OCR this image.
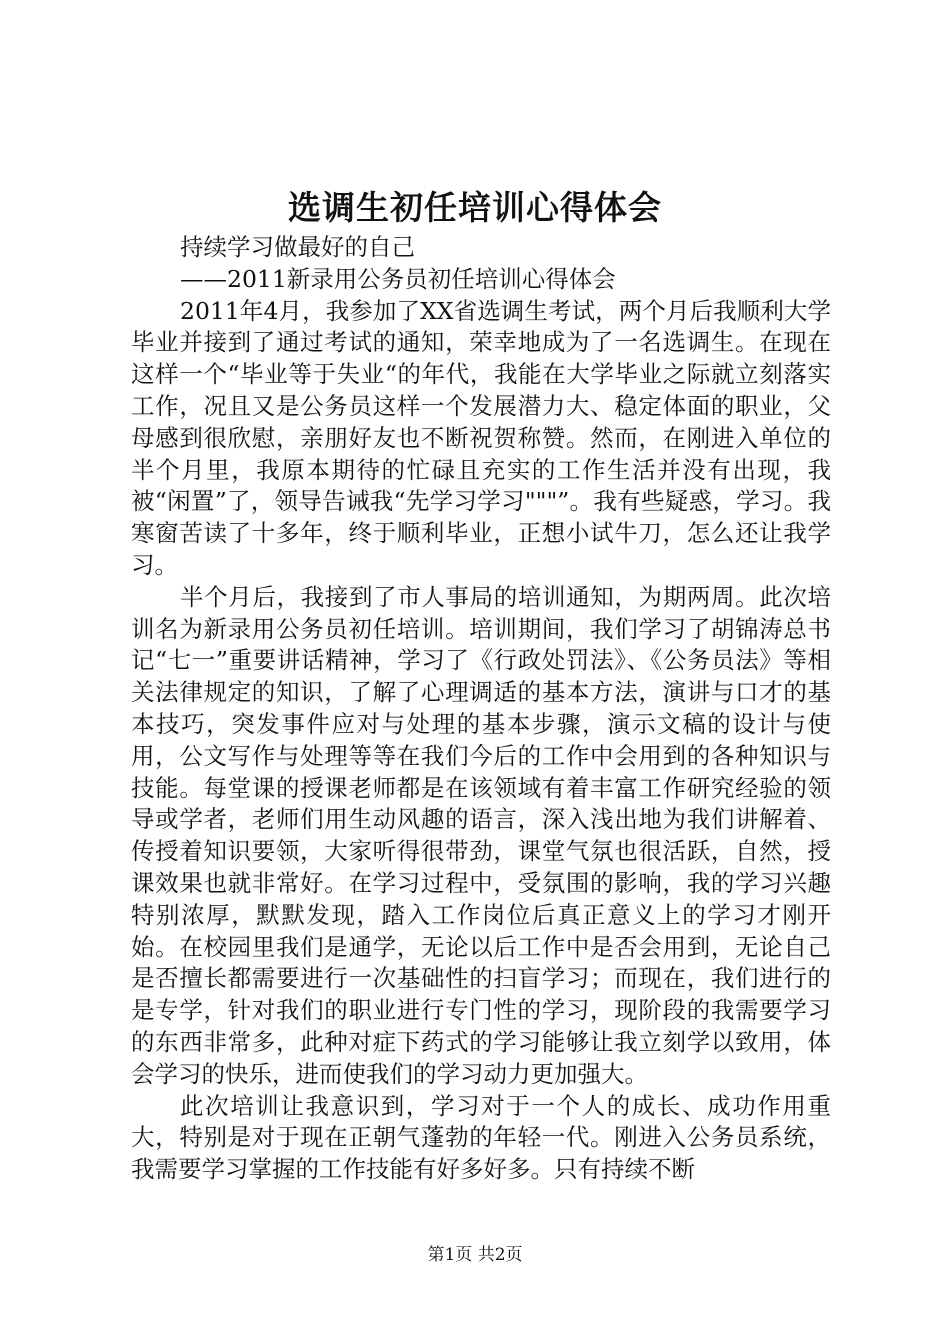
选调生初任培训心得体会

持续学习做最好的自己

——2011新录用公务员初任培训心得体会

2011年4月，我参加了XX省选调生考试，两个月后我顺利大学毕业并接到了通过考试的通知，荣幸地成为了一名选调生。在现在这样一个“毕业等于失业“的年代，我能在大学毕业之际就立刻落实工作，况且又是公务员这样一个发展潜力大、稳定体面的职业，父母感到很欣慰，亲朋好友也不断祝贺称赞。然而，在刚进入单位的半个月里，我原本期待的忙碌且充实的工作生活并没有出现，我被“闲置”了，领导告诫我“先学习学习"""”。我有些疑惑，学习。我寒窗苦读了十多年，终于顺利毕业，正想小试牛刀，怎么还让我学习。

半个月后，我接到了市人事局的培训通知，为期两周。此次培训名为新录用公务员初任培训。培训期间，我们学习了胡锦涛总书记“七一”重要讲话精神，学习了《行政处罚法》、《公务员法》等相关法律规定的知识，了解了心理调适的基本方法，演讲与口才的基本技巧，突发事件应对与处理的基本步骤，演示文稿的设计与使用，公文写作与处理等等在我们今后的工作中会用到的各种知识与技能。每堂课的授课老师都是在该领域有着丰富工作研究经验的领导或学者，老师们用生动风趣的语言，深入浅出地为我们讲解着、传授着知识要领，大家听得很带劲，课堂气氛也很活跃，自然，授课效果也就非常好。在学习过程中，受氛围的影响，我的学习兴趣特别浓厚，默默发现，踏入工作岗位后真正意义上的学习才刚开始。在校园里我们是通学，无论以后工作中是否会用到，无论自己是否擅长都需要进行一次基础性的扫盲学习；而现在，我们进行的是专学，针对我们的职业进行专门性的学习，现阶段的我需要学习的东西非常多，此种对症下药式的学习能够让我立刻学以致用，体会学习的快乐，进而使我们的学习动力更加强大。

此次培训让我意识到，学习对于一个人的成长、成功作用重大，特别是对于现在正朝气蓬勃的年轻一代。刚进入公务员系统，我需要学习掌握的工作技能有好多好多。只有持续不断

第1页 共2页
